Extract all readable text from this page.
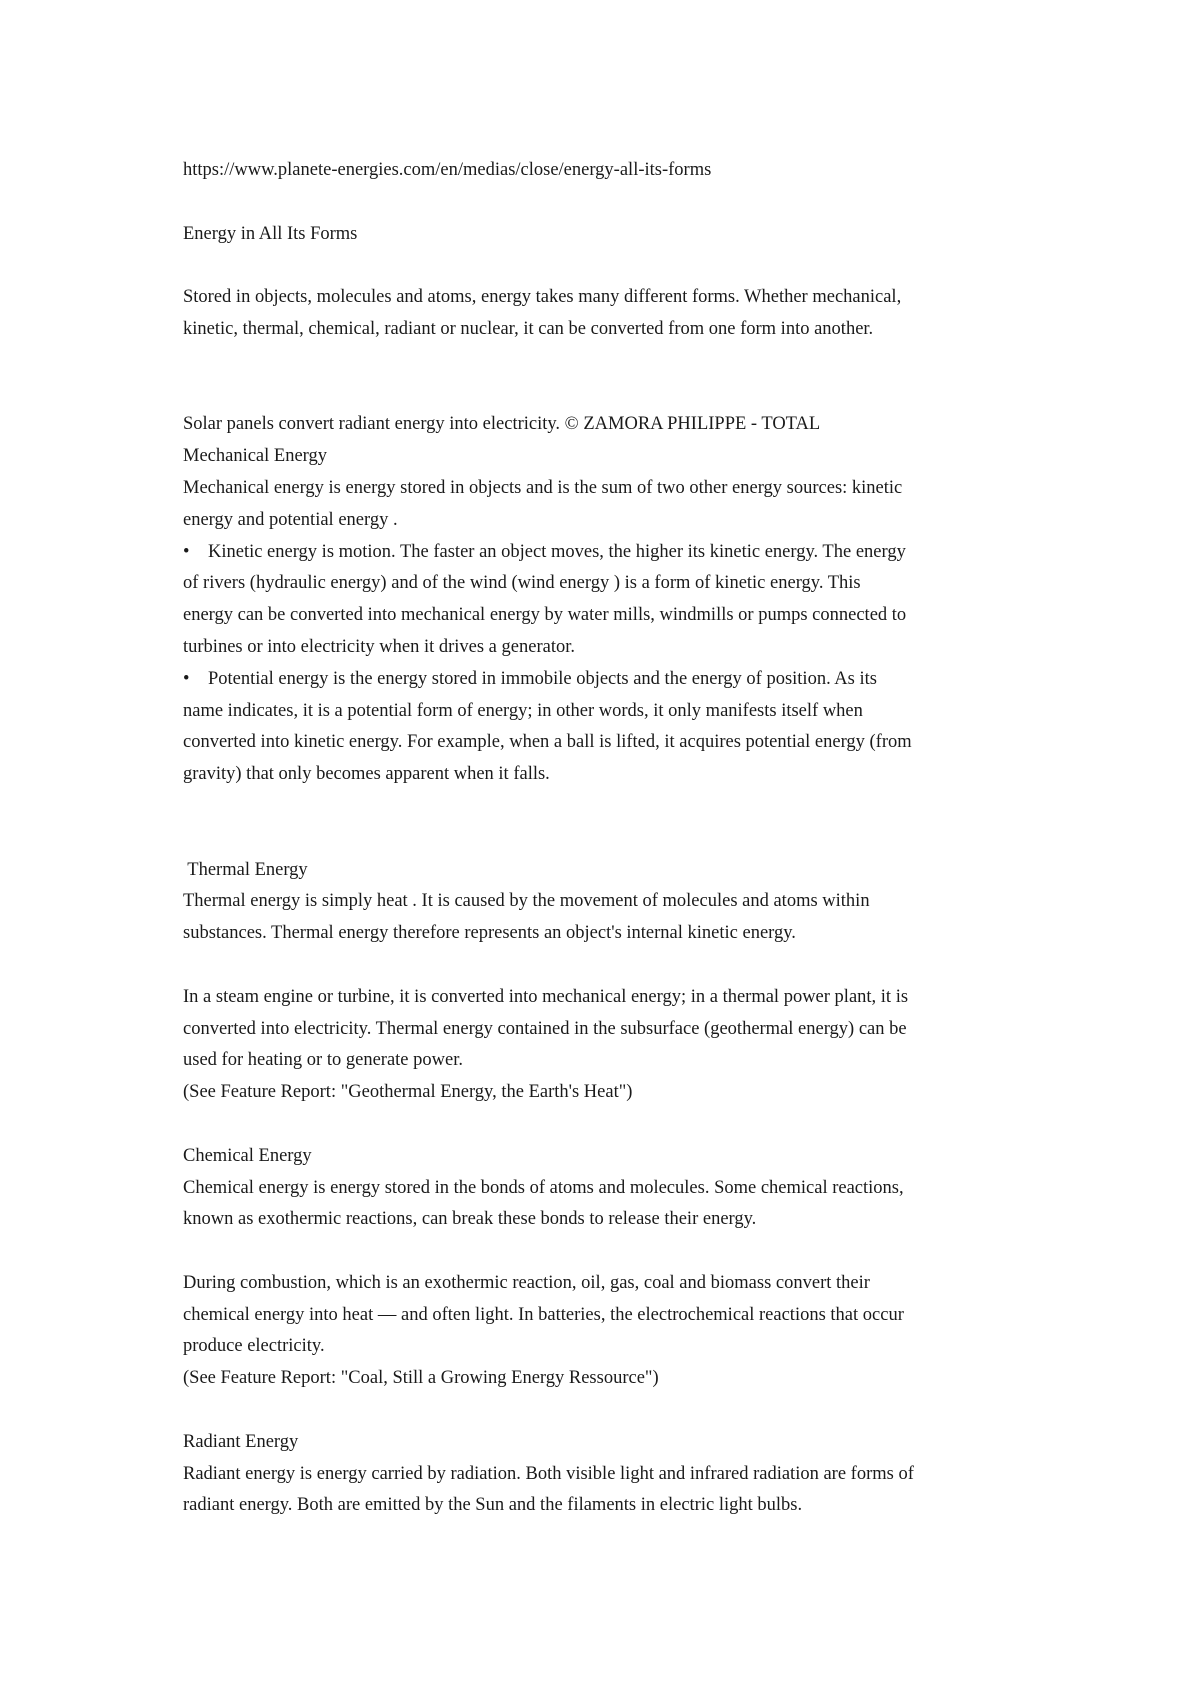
https://www.planete-energies.com/en/medias/close/energy-all-its-forms
Energy in All Its Forms

Stored in objects, molecules and atoms, energy takes many different forms. Whether mechanical,
kinetic, thermal, chemical, radiant or nuclear, it can be converted from one form into another.

Solar panels convert radiant energy into electricity. © ZAMORA PHILIPPE - TOTAL
Mechanical Energy

Mechanical energy is energy stored in objects and is the sum of two other energy sources: kinetic
energy and potential energy .

•    Kinetic energy is motion. The faster an object moves, the higher its kinetic energy. The energy
of rivers (hydraulic energy) and of the wind (wind energy ) is a form of kinetic energy. This
energy can be converted into mechanical energy by water mills, windmills or pumps connected to
turbines or into electricity when it drives a generator.

•    Potential energy is the energy stored in immobile objects and the energy of position. As its
name indicates, it is a potential form of energy; in other words, it only manifests itself when
converted into kinetic energy. For example, when a ball is lifted, it acquires potential energy (from
gravity) that only becomes apparent when it falls.

Thermal Energy

Thermal energy is simply heat . It is caused by the movement of molecules and atoms within
substances. Thermal energy therefore represents an object's internal kinetic energy.

In a steam engine or turbine, it is converted into mechanical energy; in a thermal power plant, it is
converted into electricity. Thermal energy contained in the subsurface (geothermal energy) can be
used for heating or to generate power.

(See Feature Report: "Geothermal Energy, the Earth's Heat")
Chemical Energy

Chemical energy is energy stored in the bonds of atoms and molecules. Some chemical reactions,
known as exothermic reactions, can break these bonds to release their energy.

During combustion, which is an exothermic reaction, oil, gas, coal and biomass convert their
chemical energy into heat — and often light. In batteries, the electrochemical reactions that occur
produce electricity.

(See Feature Report: "Coal, Still a Growing Energy Ressource")
Radiant Energy

Radiant energy is energy carried by radiation. Both visible light and infrared radiation are forms of
radiant energy. Both are emitted by the Sun and the filaments in electric light bulbs.
